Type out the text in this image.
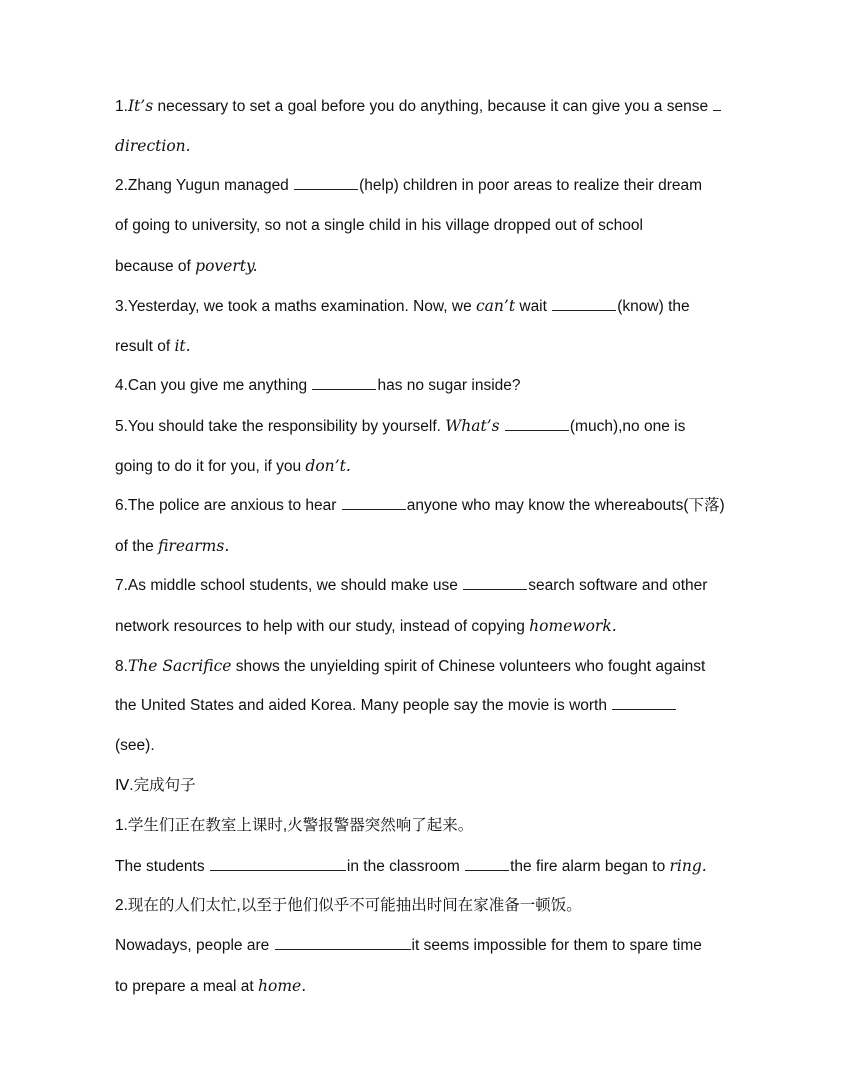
1.It’s necessary to set a goal before you do anything, because it can give you a sense
direction.
2.Zhang Yugun managed	(help) children in poor areas to realize their dream
of going to university, so not a single child in his village dropped out of school
because of poverty.
3.Yesterday, we took a maths examination. Now, we can’t wait	(know) the
result of it.
4.Can you give me anything	has no sugar inside?
5.You should take the responsibility by yourself. What’s	(much),no one is
going to do it for you, if you don’t.
6.The police are anxious to hear	anyone who may know the whereabouts(下落)
of the firearms.
7.As middle school students, we should make use	search software and other
network resources to help with our study, instead of copying homework.
8.The Sacrifice shows the unyielding spirit of Chinese volunteers who fought against
the United States and aided Korea. Many people say the movie is worth
(see).
Ⅳ.完成句子
1.学生们正在教室上课时,火警报警器突然响了起来。
The students	in the classroom	the fire alarm began to ring.
2.现在的人们太忙,以至于他们似乎不可能抽出时间在家准备一顿饭。
Nowadays, people are	it seems impossible for them to spare time
to prepare a meal at home.
